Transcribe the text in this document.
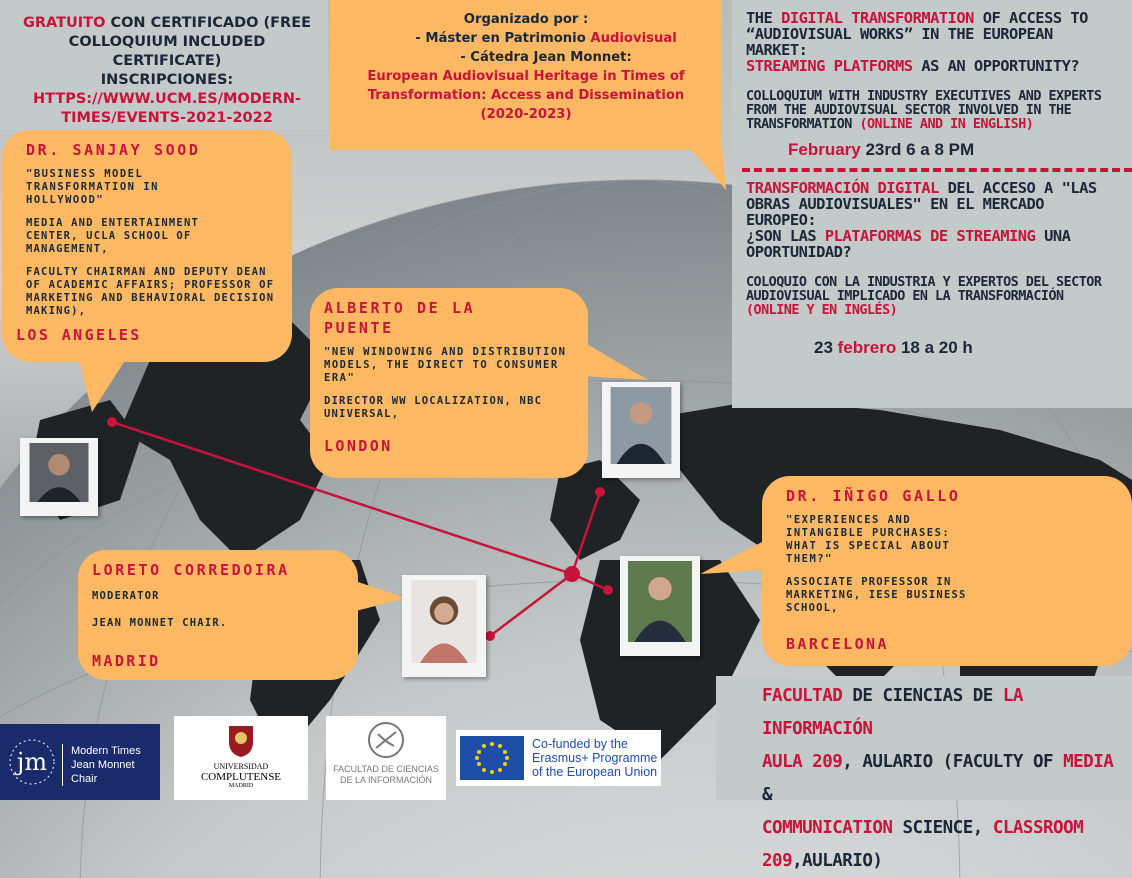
GRATUITO CON CERTIFICADO (FREE
COLLOQUIUM INCLUDED CERTIFICATE)
INSCRIPCIONES:
HTTPS://WWW.UCM.ES/MODERN-
TIMES/EVENTS-2021-2022
Organizado por :
- Máster en Patrimonio Audiovisual
- Cátedra Jean Monnet:
European Audiovisual Heritage in Times of
Transformation: Access and Dissemination
(2020-2023)
THE DIGITAL TRANSFORMATION OF ACCESS TO
“AUDIOVISUAL WORKS” IN THE EUROPEAN MARKET:
STREAMING PLATFORMS AS AN OPPORTUNITY?
COLLOQUIUM WITH INDUSTRY EXECUTIVES AND EXPERTS
FROM THE AUDIOVISUAL SECTOR INVOLVED IN THE
TRANSFORMATION (ONLINE AND IN ENGLISH)
February 23rd 6 a 8 PM
TRANSFORMACIÓN DIGITAL DEL ACCESO A "LAS
OBRAS AUDIOVISUALES" EN EL MERCADO EUROPEO:
¿SON LAS PLATAFORMAS DE STREAMING UNA
OPORTUNIDAD?
COLOQUIO CON LA INDUSTRIA Y EXPERTOS DEL SECTOR
AUDIOVISUAL IMPLICADO EN LA TRANSFORMACIÓN
(ONLINE Y EN INGLÉS)
23 febrero 18 a 20 h
DR. SANJAY SOOD
"BUSINESS MODEL TRANSFORMATION IN HOLLYWOOD"
MEDIA AND ENTERTAINMENT CENTER, UCLA SCHOOL OF MANAGEMENT,
FACULTY CHAIRMAN AND DEPUTY DEAN OF ACADEMIC AFFAIRS; PROFESSOR OF MARKETING AND BEHAVIORAL DECISION MAKING),
LOS ANGELES
ALBERTO DE LA PUENTE
"NEW WINDOWING AND DISTRIBUTION MODELS, THE DIRECT TO CONSUMER ERA"
DIRECTOR WW LOCALIZATION, NBC UNIVERSAL,
LONDON
DR. IÑIGO GALLO
"EXPERIENCES AND INTANGIBLE PURCHASES: WHAT IS SPECIAL ABOUT THEM?"
ASSOCIATE PROFESSOR IN MARKETING, IESE BUSINESS SCHOOL,
BARCELONA
LORETO CORREDOIRA
MODERATOR
JEAN MONNET CHAIR.
MADRID
FACULTAD DE CIENCIAS DE LA INFORMACIÓN
AULA 209, AULARIO (FACULTY OF MEDIA &
COMMUNICATION SCIENCE, CLASSROOM
209,AULARIO)
jm Modern Times
Jean Monnet Chair
UNIVERSIDAD
COMPLUTENSE
MADRID
FACULTAD DE CIENCIAS
DE LA INFORMACIÓN
Co-funded by the
Erasmus+ Programme
of the European Union
